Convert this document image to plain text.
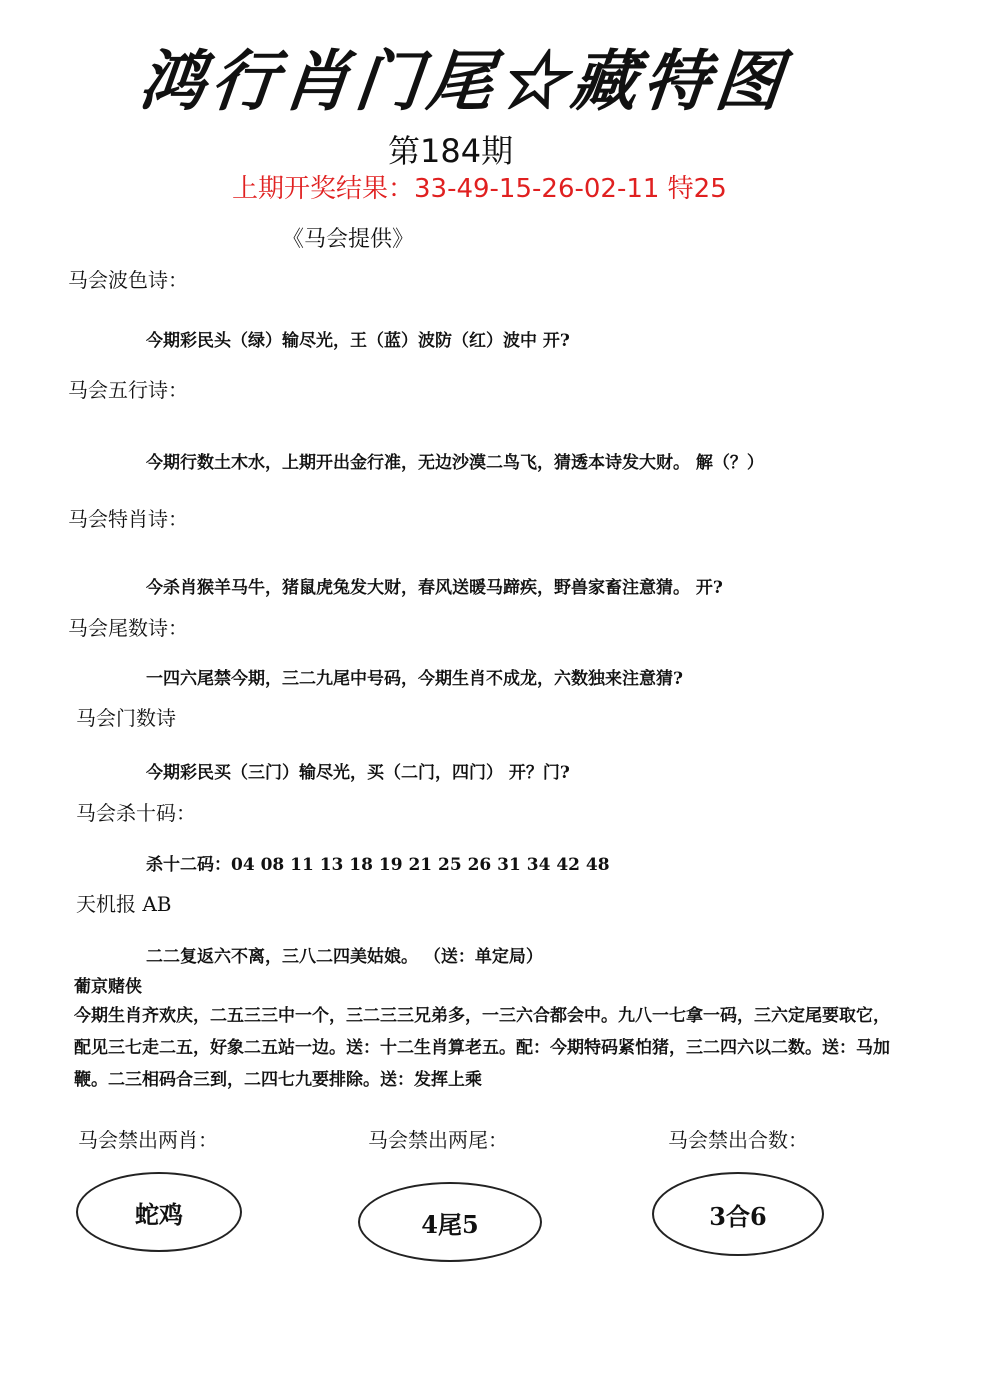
鸿行肖门尾☆藏特图
第184期
上期开奖结果：33-49-15-26-02-11 特25
《马会提供》
马会波色诗：
今期彩民头（绿）输尽光，王（蓝）波防（红）波中 开?
马会五行诗：
今期行数土木水，上期开出金行准，无边沙漠二鸟飞，猜透本诗发大财。 解（？）
马会特肖诗：
今杀肖猴羊马牛，猪鼠虎兔发大财，春风送暖马蹄疾，野兽家畜注意猜。 开?
马会尾数诗：
一四六尾禁今期，三二九尾中号码，今期生肖不成龙，六数独来注意猜?
马会门数诗
今期彩民买（三门）输尽光，买（二门，四门） 开？门?
马会杀十码：
杀十二码：04 08 11 13 18 19 21 25 26 31 34 42 48
天机报 AB
二二复返六不离，三八二四美姑娘。 （送：单定局）
葡京赌侠
今期生肖齐欢庆，二五三三中一个，三二三三兄弟多，一三六合都会中。九八一七拿一码，三六定尾要取它，配见三七走二五，好象二五站一边。送：十二生肖算老五。配：今期特码紧怕猪，三二四六以二数。送：马加鞭。二三相码合三到，二四七九要排除。送：发挥上乘
马会禁出两肖：	马会禁出两尾：	马会禁出合数：
蛇鸡	4尾5	3合6
